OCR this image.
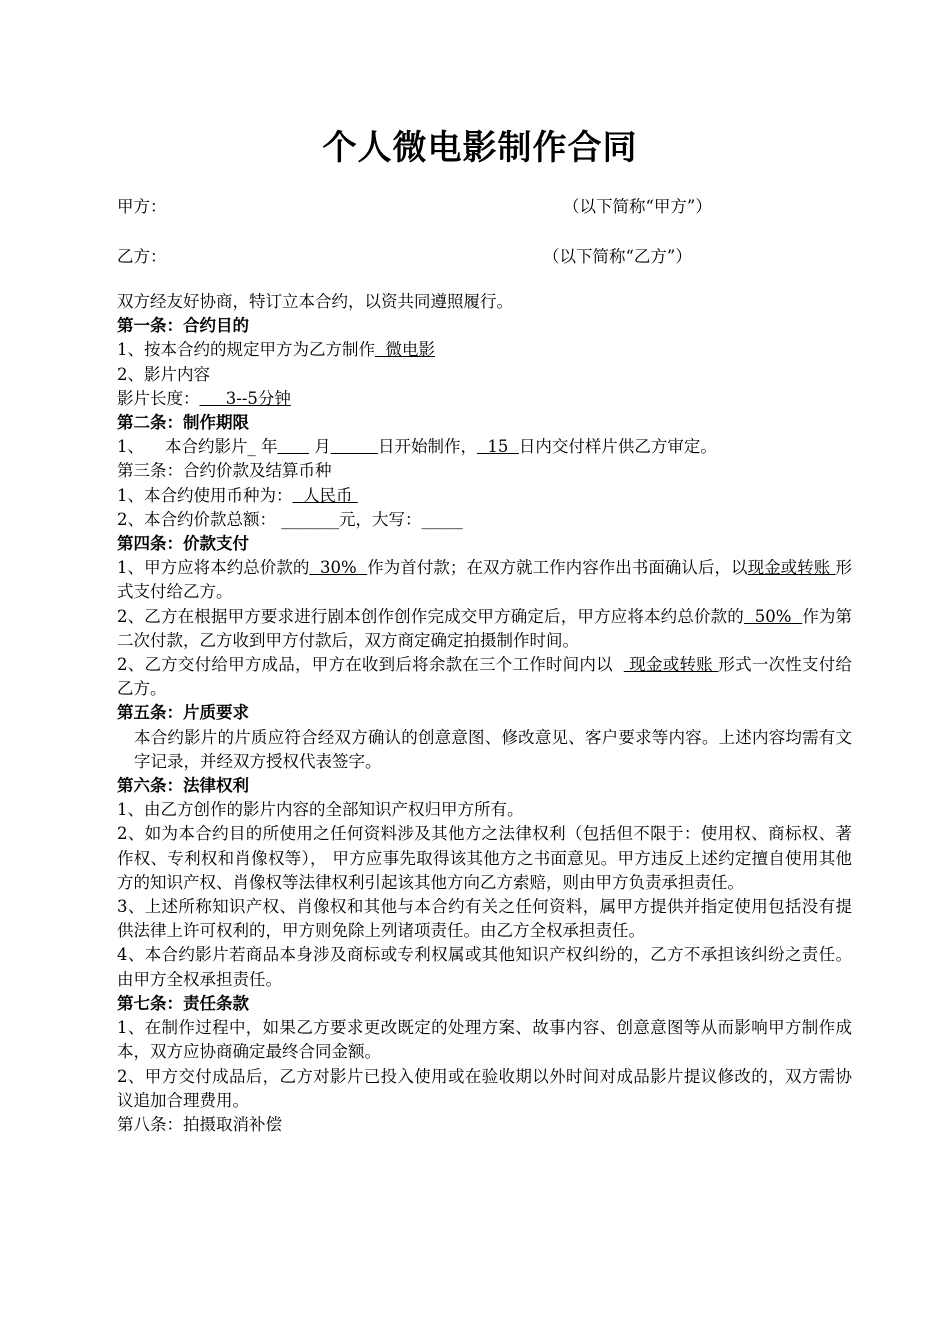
个人微电影制作合同
甲方：	（以下简称“甲方”）
乙方：	（以下简称“乙方”）
双方经友好协商，特订立本合约，以资共同遵照履行。
第一条：合约目的
1、按本合约的规定甲方为乙方制作  微电影
2、影片内容
影片长度：     3--5分钟
第二条：制作期限
1、    本合约影片_ 年       月	日开始制作，  15  日内交付样片供乙方审定。
第三条：合约价款及结算币种
1、本合约使用币种为：  人民币
2、本合约价款总额： _______元，大写：_____
第四条：价款支付
1、甲方应将本约总价款的  30%  作为首付款；在双方就工作内容作出书面确认后，以现金或转账 形式支付给乙方。
2、乙方在根据甲方要求进行剧本创作创作完成交甲方确定后，甲方应将本约总价款的  50%  作为第二次付款，乙方收到甲方付款后，双方商定确定拍摄制作时间。
2、乙方交付给甲方成品，甲方在收到后将余款在三个工作时间内以   现金或转账 形式一次性支付给乙方。
第五条：片质要求
本合约影片的片质应符合经双方确认的创意意图、修改意见、客户要求等内容。上述内容均需有文字记录，并经双方授权代表签字。
第六条：法律权利
1、由乙方创作的影片内容的全部知识产权归甲方所有。
2、如为本合约目的所使用之任何资料涉及其他方之法律权利（包括但不限于：使用权、商标权、著作权、专利权和肖像权等）， 甲方应事先取得该其他方之书面意见。甲方违反上述约定擅自使用其他方的知识产权、肖像权等法律权利引起该其他方向乙方索赔，则由甲方负责承担责任。
3、上述所称知识产权、肖像权和其他与本合约有关之任何资料，属甲方提供并指定使用包括没有提供法律上许可权利的，甲方则免除上列诸项责任。由乙方全权承担责任。
4、本合约影片若商品本身涉及商标或专利权属或其他知识产权纠纷的，乙方不承担该纠纷之责任。由甲方全权承担责任。
第七条：责任条款
1、在制作过程中，如果乙方要求更改既定的处理方案、故事内容、创意意图等从而影响甲方制作成本，双方应协商确定最终合同金额。
2、甲方交付成品后，乙方对影片已投入使用或在验收期以外时间对成品影片提议修改的，双方需协议追加合理费用。
第八条：拍摄取消补偿
